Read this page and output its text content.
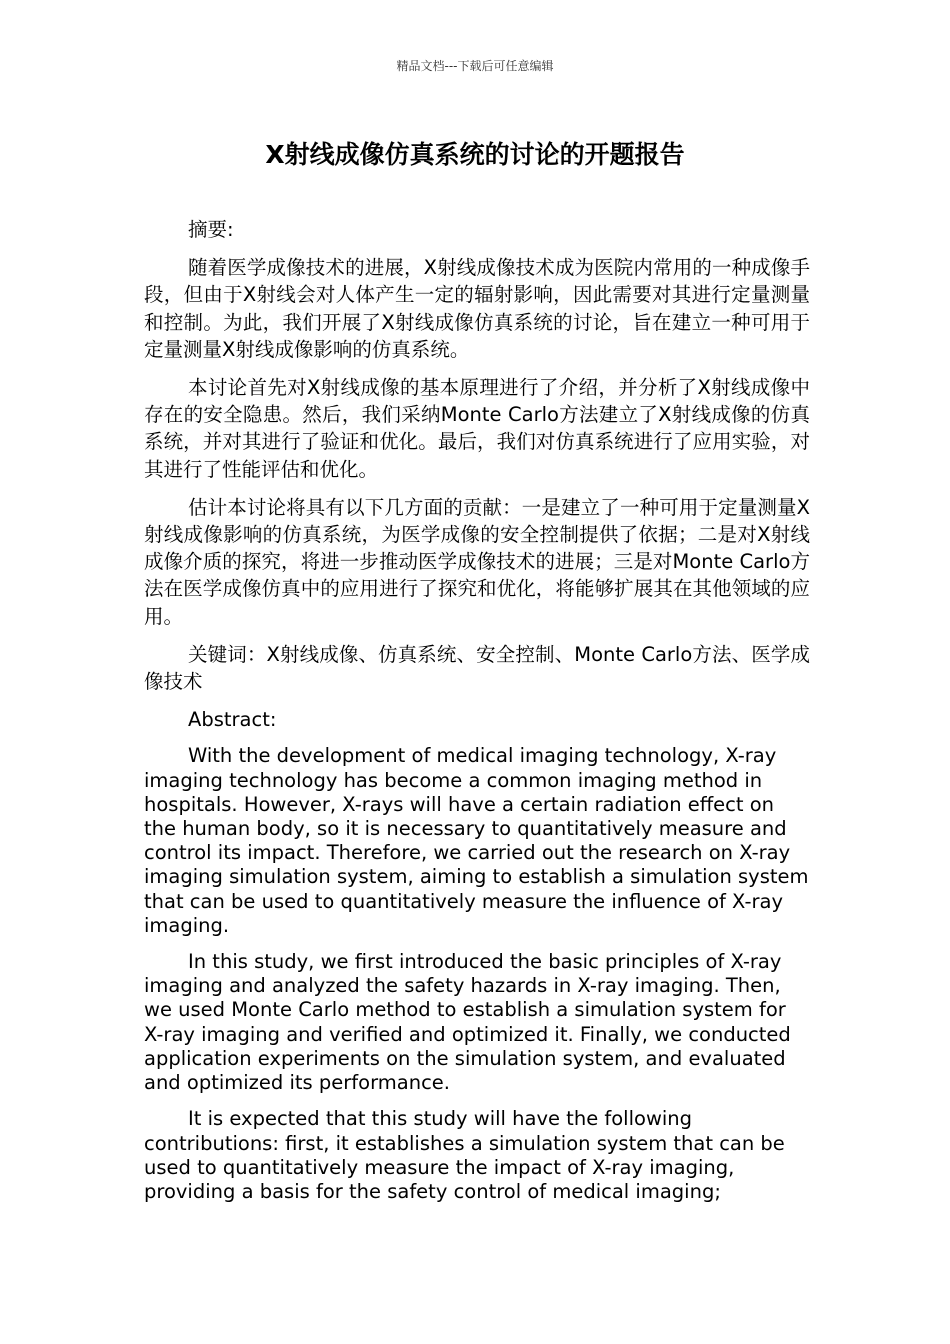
精品文档---下载后可任意编辑
X射线成像仿真系统的讨论的开题报告

摘要:

随着医学成像技术的进展，X射线成像技术成为医院内常用的一种成像手段，但由于X射线会对人体产生一定的辐射影响，因此需要对其进行定量测量和控制。为此，我们开展了X射线成像仿真系统的讨论，旨在建立一种可用于定量测量X射线成像影响的仿真系统。

本讨论首先对X射线成像的基本原理进行了介绍，并分析了X射线成像中存在的安全隐患。然后，我们采纳Monte Carlo方法建立了X射线成像的仿真系统，并对其进行了验证和优化。最后，我们对仿真系统进行了应用实验，对其进行了性能评估和优化。

估计本讨论将具有以下几方面的贡献：一是建立了一种可用于定量测量X射线成像影响的仿真系统，为医学成像的安全控制提供了依据；二是对X射线成像介质的探究，将进一步推动医学成像技术的进展；三是对Monte Carlo方法在医学成像仿真中的应用进行了探究和优化，将能够扩展其在其他领域的应用。

关键词：X射线成像、仿真系统、安全控制、Monte Carlo方法、医学成像技术

Abstract:

With the development of medical imaging technology, X-ray imaging technology has become a common imaging method in hospitals. However, X-rays will have a certain radiation effect on the human body, so it is necessary to quantitatively measure and control its impact. Therefore, we carried out the research on X-ray imaging simulation system, aiming to establish a simulation system that can be used to quantitatively measure the influence of X-ray imaging.

In this study, we first introduced the basic principles of X-ray imaging and analyzed the safety hazards in X-ray imaging. Then, we used Monte Carlo method to establish a simulation system for X-ray imaging and verified and optimized it. Finally, we conducted application experiments on the simulation system, and evaluated and optimized its performance.

It is expected that this study will have the following contributions: first, it establishes a simulation system that can be used to quantitatively measure the impact of X-ray imaging, providing a basis for the safety control of medical imaging;
